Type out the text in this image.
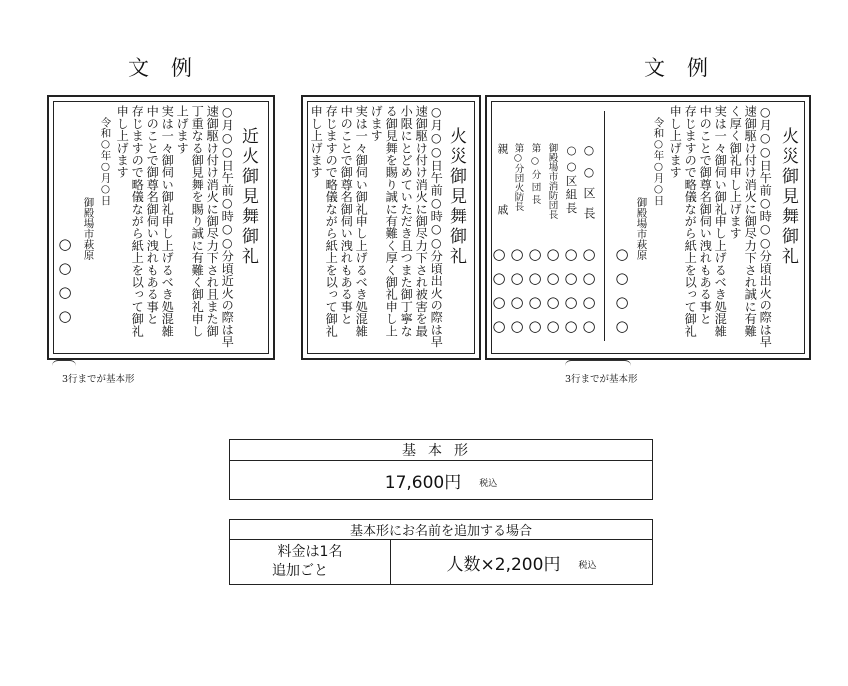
文例	文例
近火御見舞御礼
○月○○日午前○時○○分頃近火の際は早
速御駆け付け消火に御尽力下され且また御
丁重なる御見舞を賜り誠に有難く御礼申し
上げます
実は一々御伺い御礼申し上げるべき処混雑
中のことで御尊名御伺い洩れもある事と
存じますので略儀ながら紙上を以って御礼
申し上げます
令和○年○月○日
御殿場市萩原
○○○○
火災御見舞御礼
○月○○日午前○時○○分頃出火の際は早
速御駆け付け消火に御尽力下され被害を最
小限にとどめていただき且つまた御丁寧な
る御見舞を賜り誠に有難く厚く御礼申し上
げます
実は一々御伺い御礼申し上げるべき処混雑
中のことで御尊名御伺い洩れもある事と
存じますので略儀ながら紙上を以って御礼
申し上げます	火災御見舞御礼
○月○○日午前○時○○分頃出火の際は早
速御駆け付け消火に御尽力下され誠に有難
く厚く御礼申し上げます
実は一々御伺い御礼申し上げるべき処混雑
中のことで御尊名御伺い洩れもある事と
存じますので略儀ながら紙上を以って御礼
申し上げます
令和○年○月○日
御殿場市萩原
○○○○
○○区長
○○○○
○○区組長
○○○○
御殿場市消防団長
○○○○
第○分団長
○○○○
第○分団火防長
○○○○
親戚
○○○○
3行までが基本形	3行までが基本形
基本形
17,600円 税込
基本形にお名前を追加する場合

料金は1名
追加ごと	人数×2,200円 税込
